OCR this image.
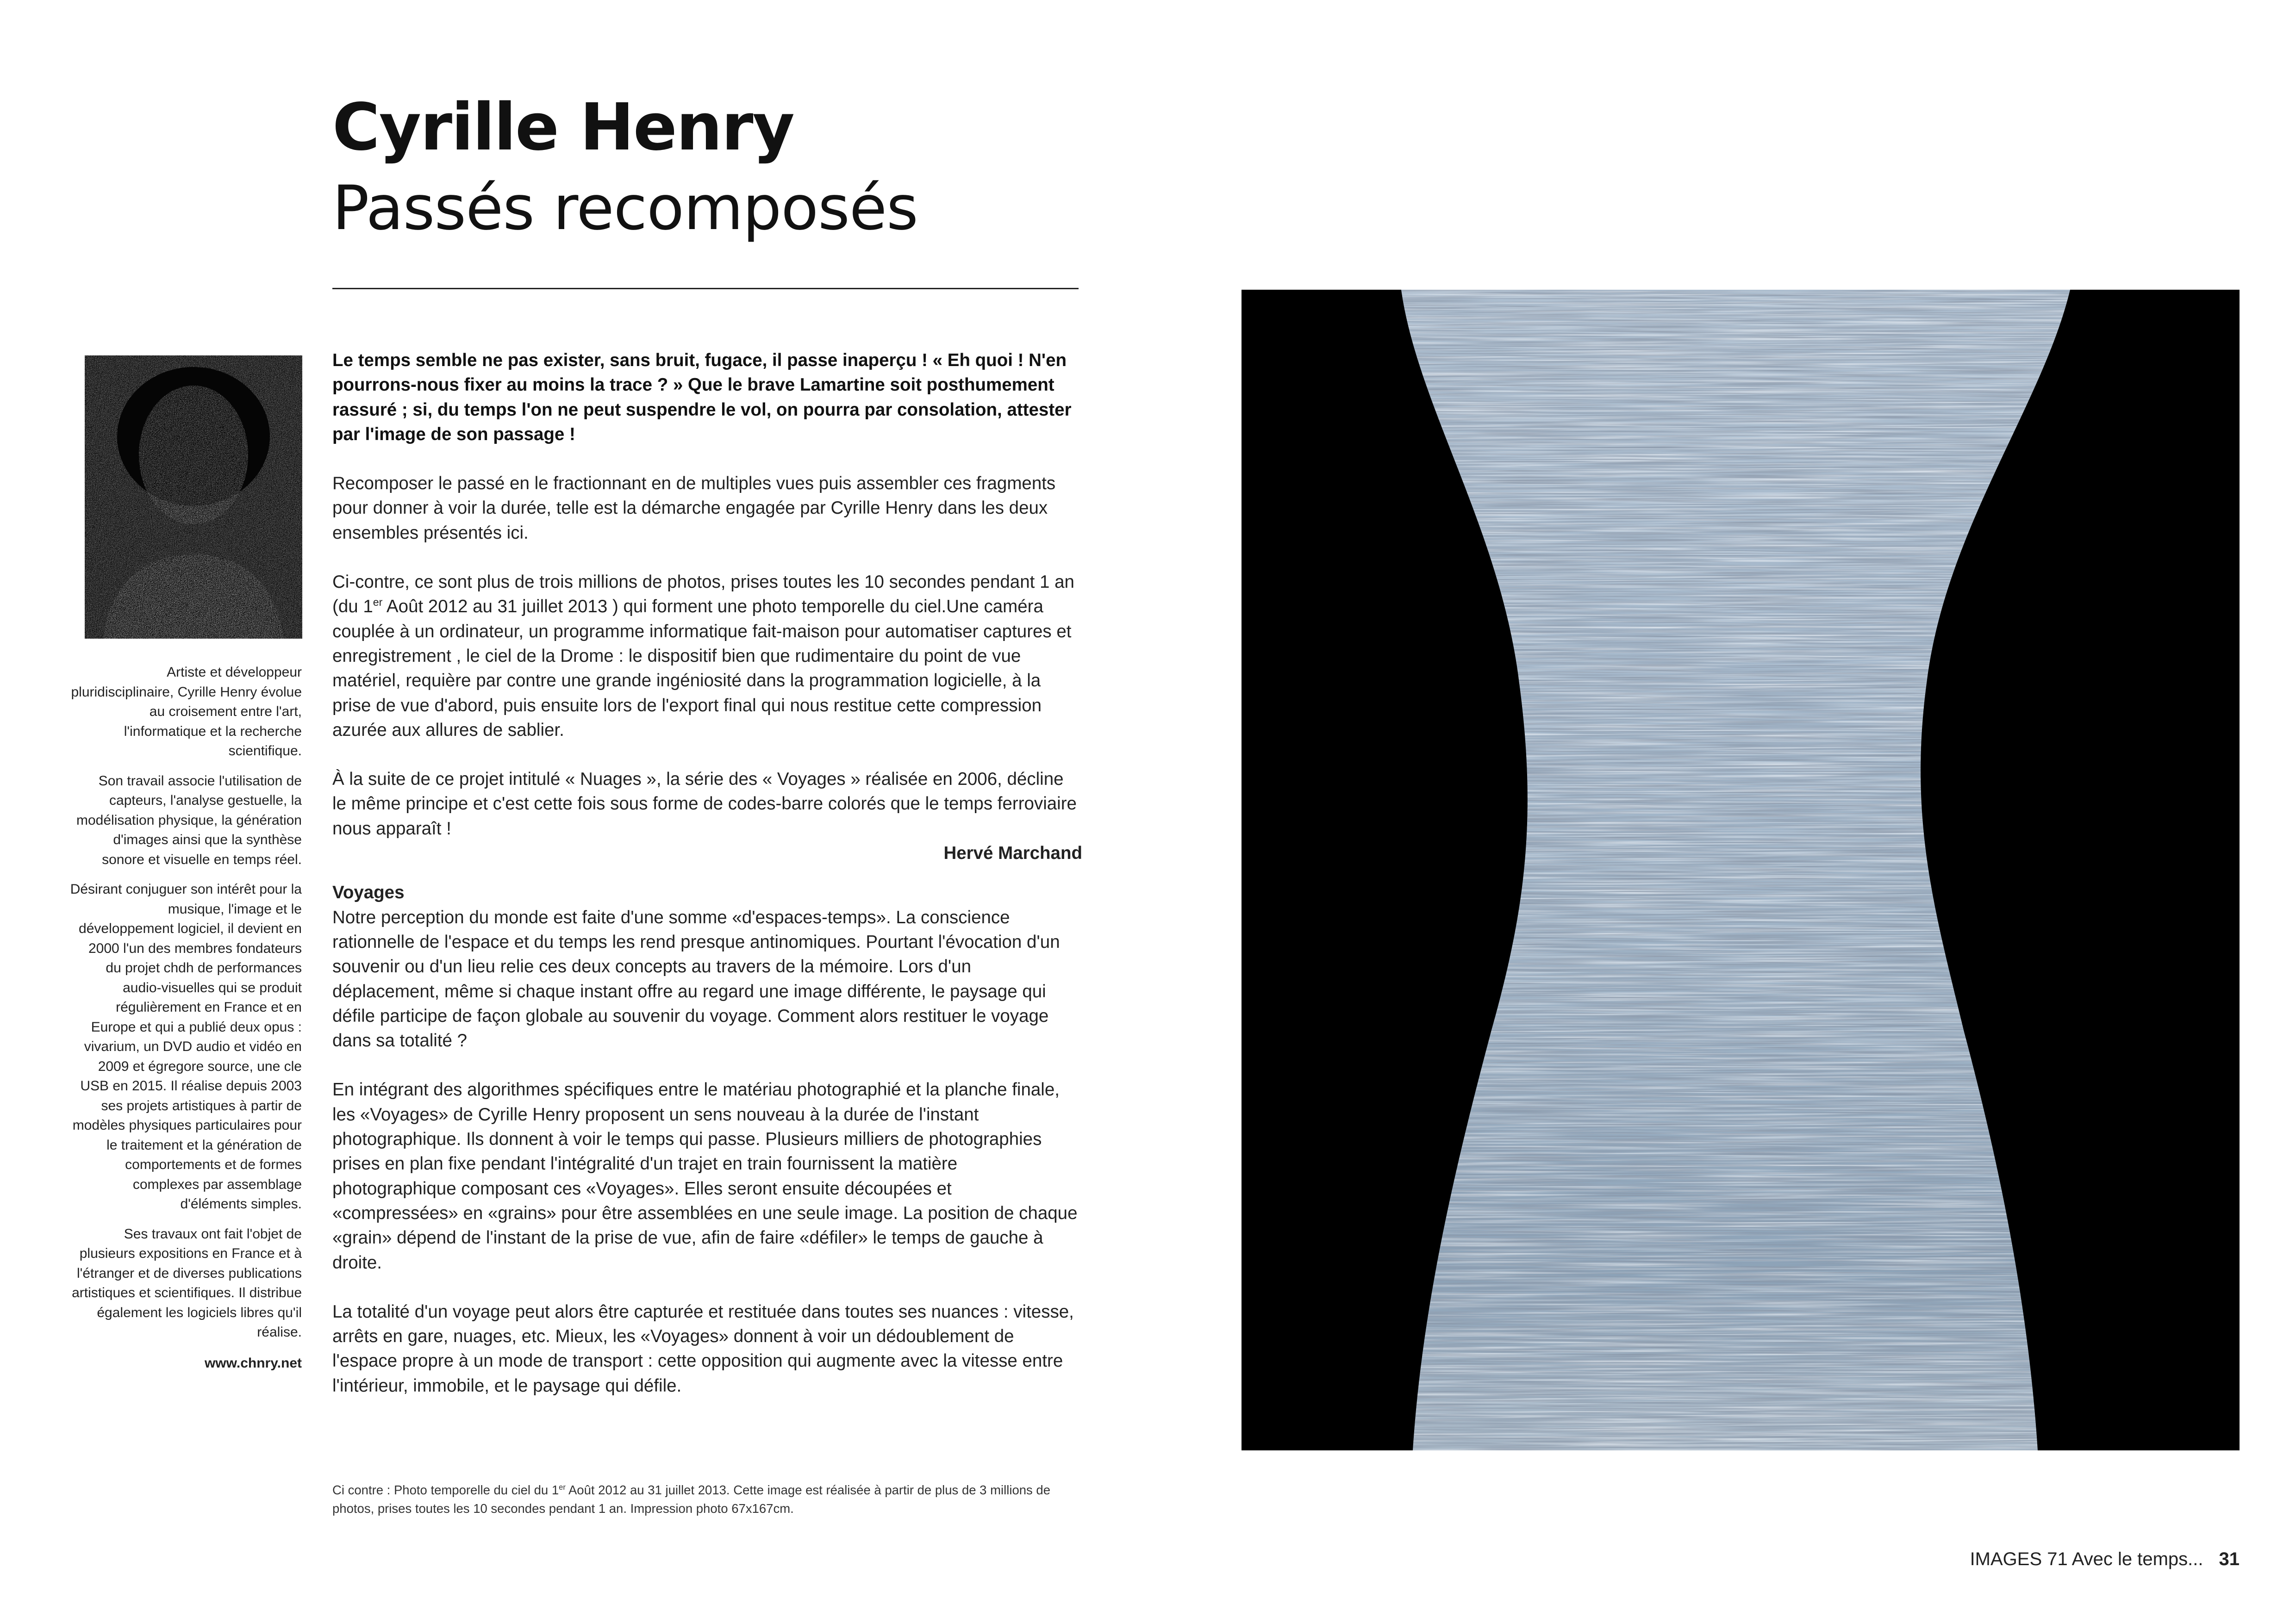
Cyrille Henry
Passés recomposés

Artiste et développeur pluridisciplinaire, Cyrille Henry évolue au croisement entre l'art, l'informatique et la recherche scientifique.

Son travail associe l'utilisation de capteurs, l'analyse gestuelle, la modélisation physique, la génération d'images ainsi que la synthèse sonore et visuelle en temps réel.

Désirant conjuguer son intérêt pour la musique, l'image et le développement logiciel, il devient en 2000 l'un des membres fondateurs du projet chdh de performances audio-visuelles qui se produit régulièrement en France et en Europe et qui a publié deux opus : vivarium, un DVD audio et vidéo en 2009 et égregore source, une cle USB en 2015. Il réalise depuis 2003 ses projets artistiques à partir de modèles physiques particulaires pour le traitement et la génération de comportements et de formes complexes par assemblage d'éléments simples.

Ses travaux ont fait l'objet de plusieurs expositions en France et à l'étranger et de diverses publications artistiques et scientifiques. Il distribue également les logiciels libres qu'il réalise.

www.chnry.net

Le temps semble ne pas exister, sans bruit, fugace, il passe inaperçu ! « Eh quoi ! N'en pourrons-nous fixer au moins la trace ? » Que le brave Lamartine soit posthumement rassuré ; si, du temps l'on ne peut suspendre le vol, on pourra par consolation, attester par l'image de son passage !

Recomposer le passé en le fractionnant en de multiples vues puis assembler ces fragments pour donner à voir la durée, telle est la démarche engagée par Cyrille Henry dans les deux ensembles présentés ici.

Ci-contre, ce sont plus de trois millions de photos, prises toutes les 10 secondes pendant 1 an (du 1er Août 2012 au 31 juillet 2013 ) qui forment une photo temporelle du ciel.Une caméra couplée à un ordinateur, un programme informatique fait-maison pour automatiser captures et enregistrement , le ciel de la Drome : le dispositif bien que rudimentaire du point de vue matériel, requière par contre une grande ingéniosité dans la programmation logicielle, à la prise de vue d'abord, puis ensuite lors de l'export final qui nous restitue cette compression azurée aux allures de sablier.

À la suite de ce projet intitulé « Nuages », la série des « Voyages » réalisée en 2006, décline le même principe et c'est cette fois sous forme de codes-barre colorés que le temps ferroviaire nous apparaît !

Hervé Marchand

Voyages

Notre perception du monde est faite d'une somme «d'espaces-temps». La conscience rationnelle de l'espace et du temps les rend presque antinomiques. Pourtant l'évocation d'un souvenir ou d'un lieu relie ces deux concepts au travers de la mémoire. Lors d'un déplacement, même si chaque instant offre au regard une image différente, le paysage qui défile participe de façon globale au souvenir du voyage. Comment alors restituer le voyage dans sa totalité ?

En intégrant des algorithmes spécifiques entre le matériau photographié et la planche finale, les «Voyages» de Cyrille Henry proposent un sens nouveau à la durée de l'instant photographique. Ils donnent à voir le temps qui passe. Plusieurs milliers de photographies prises en plan fixe pendant l'intégralité d'un trajet en train fournissent la matière photographique composant ces «Voyages». Elles seront ensuite découpées et «compressées» en «grains» pour être assemblées en une seule image. La position de chaque «grain» dépend de l'instant de la prise de vue, afin de faire «défiler» le temps de gauche à droite.

La totalité d'un voyage peut alors être capturée et restituée dans toutes ses nuances : vitesse, arrêts en gare, nuages, etc. Mieux, les «Voyages» donnent à voir un dédoublement de l'espace propre à un mode de transport : cette opposition qui augmente avec la vitesse entre l'intérieur, immobile, et le paysage qui défile.

Ci contre : Photo temporelle du ciel du 1er Août 2012 au 31 juillet 2013. Cette image est réalisée à partir de plus de 3 millions de photos, prises toutes les 10 secondes pendant 1 an. Impression photo 67x167cm.
IMAGES 71 Avec le temps... 31
